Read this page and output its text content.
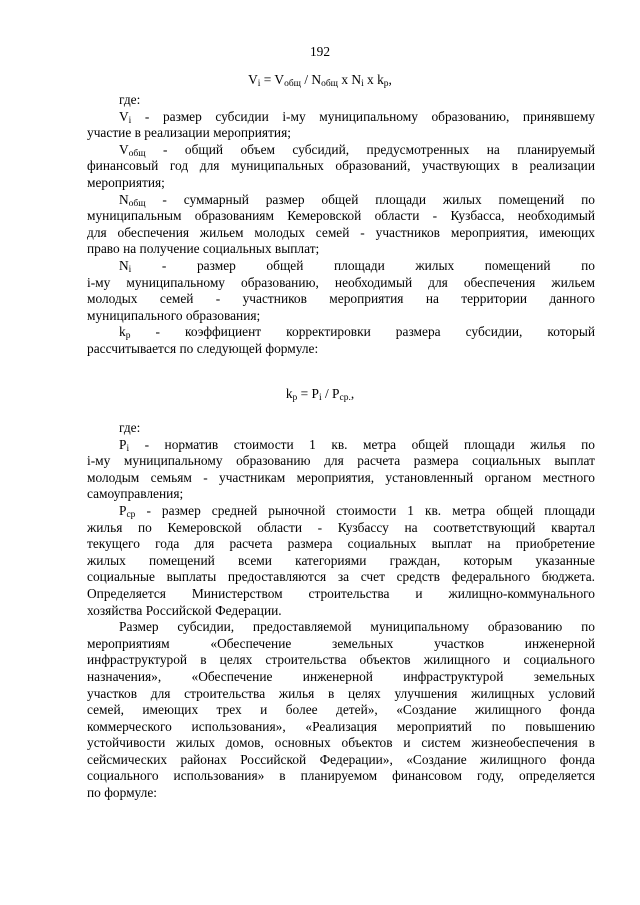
192
$V_i = V_{общ} / N_{общ}$ x $N_i$ x $k_p$,
где:
$V_i$ - размер субсидии i-му муниципальному образованию, принявшему
участие в реализации мероприятия;
$V_{общ}$ - общий объем субсидий, предусмотренных на планируемый
финансовый год для муниципальных образований, участвующих в реализации
мероприятия;
$N_{общ}$ - суммарный размер общей площади жилых помещений по
муниципальным образованиям Кемеровской области - Кузбасса, необходимый
для обеспечения жильем молодых семей - участников мероприятия, имеющих
право на получение социальных выплат;
$N_i$ - размер общей площади жилых помещений по
i-му муниципальному образованию, необходимый для обеспечения жильем
молодых семей - участников мероприятия на территории данного
муниципального образования;
$k_p$ - коэффициент корректировки размера субсидии, который
рассчитывается по следующей формуле:
$k_p = P_i / P_{cp.}$,
где:
$P_i$ - норматив стоимости 1 кв. метра общей площади жилья по
i-му муниципальному образованию для расчета размера социальных выплат
молодым семьям - участникам мероприятия, установленный органом местного
самоуправления;
$P_{cp}$ - размер средней рыночной стоимости 1 кв. метра общей площади
жилья по Кемеровской области - Кузбассу на соответствующий квартал
текущего года для расчета размера социальных выплат на приобретение
жилых помещений всеми категориями граждан, которым указанные
социальные выплаты предоставляются за счет средств федерального бюджета.
Определяется Министерством строительства и жилищно-коммунального
хозяйства Российской Федерации.
Размер субсидии, предоставляемой муниципальному образованию по
мероприятиям «Обеспечение земельных участков инженерной
инфраструктурой в целях строительства объектов жилищного и социального
назначения», «Обеспечение инженерной инфраструктурой земельных
участков для строительства жилья в целях улучшения жилищных условий
семей, имеющих трех и более детей», «Создание жилищного фонда
коммерческого использования», «Реализация мероприятий по повышению
устойчивости жилых домов, основных объектов и систем жизнеобеспечения в
сейсмических районах Российской Федерации», «Создание жилищного фонда
социального использования» в планируемом финансовом году, определяется
по формуле:
